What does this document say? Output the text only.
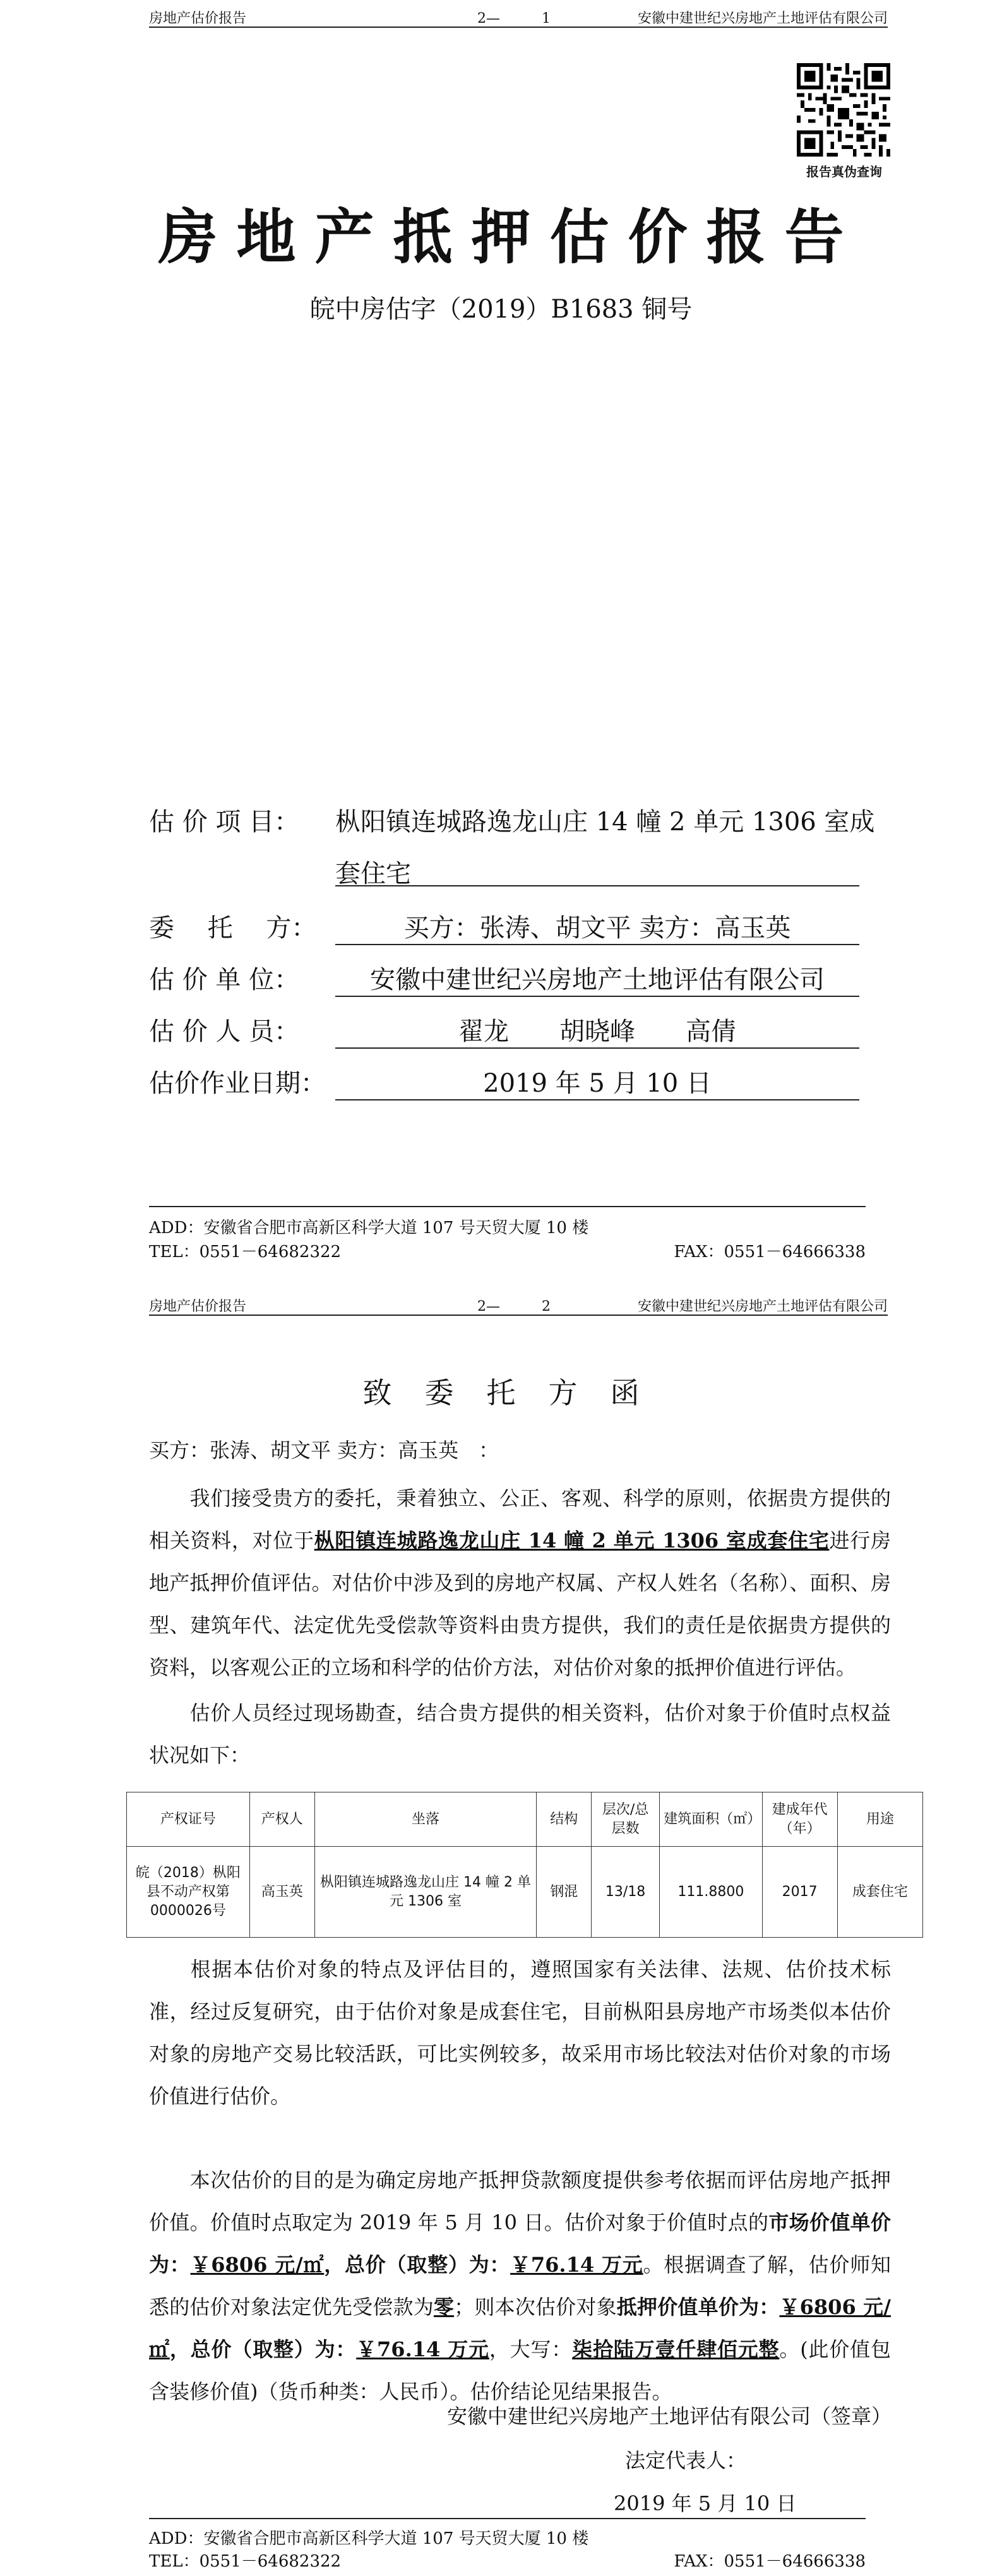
房地产估价报告	2—　　　1	安徽中建世纪兴房地产土地评估有限公司
报告真伪查询
房地产抵押估价报告
皖中房估字（2019）B1683 铜号
估 价 项 目： 枞阳镇连城路逸龙山庄 14 幢 2 单元 1306 室成
套住宅
委　 托　 方：	买方：张涛、胡文平 卖方：高玉英
估 价 单 位：	安徽中建世纪兴房地产土地评估有限公司
估 价 人 员：	翟龙　　胡晓峰　　高倩
估价作业日期：	2019 年 5 月 10 日
ADD：安徽省合肥市高新区科学大道 107 号天贸大厦 10 楼
TEL：0551－64682322	FAX：0551－64666338
房地产估价报告	2—　　　2	安徽中建世纪兴房地产土地评估有限公司
致委托方函
买方：张涛、胡文平 卖方：高玉英　：
我们接受贵方的委托，秉着独立、公正、客观、科学的原则，依据贵方提供的相关资料，对位于枞阳镇连城路逸龙山庄 14 幢 2 单元 1306 室成套住宅进行房地产抵押价值评估。对估价中涉及到的房地产权属、产权人姓名（名称）、面积、房型、建筑年代、法定优先受偿款等资料由贵方提供，我们的责任是依据贵方提供的资料，以客观公正的立场和科学的估价方法，对估价对象的抵押价值进行评估。
估价人员经过现场勘查，结合贵方提供的相关资料，估价对象于价值时点权益状况如下：
产权证号	产权人	坐落	结构	层次/总层数	建筑面积（㎡）	建成年代（年）	用途
皖（2018）枞阳县不动产权第0000026号	高玉英	枞阳镇连城路逸龙山庄 14 幢 2 单元 1306 室	钢混	13/18	111.8800	2017	成套住宅
根据本估价对象的特点及评估目的，遵照国家有关法律、法规、估价技术标准，经过反复研究，由于估价对象是成套住宅，目前枞阳县房地产市场类似本估价对象的房地产交易比较活跃，可比实例较多，故采用市场比较法对估价对象的市场价值进行估价。
本次估价的目的是为确定房地产抵押贷款额度提供参考依据而评估房地产抵押价值。价值时点取定为 2019 年 5 月 10 日。估价对象于价值时点的市场价值单价为：￥6806 元/㎡，总价（取整）为：￥76.14 万元。根据调查了解，估价师知悉的估价对象法定优先受偿款为零；则本次估价对象抵押价值单价为：￥6806 元/㎡，总价（取整）为：￥76.14 万元，大写：柒拾陆万壹仟肆佰元整。(此价值包含装修价值)（货币种类：人民币）。估价结论见结果报告。
安徽中建世纪兴房地产土地评估有限公司（签章）
法定代表人：
2019 年 5 月 10 日
ADD：安徽省合肥市高新区科学大道 107 号天贸大厦 10 楼
TEL：0551－64682322	FAX：0551－64666338
